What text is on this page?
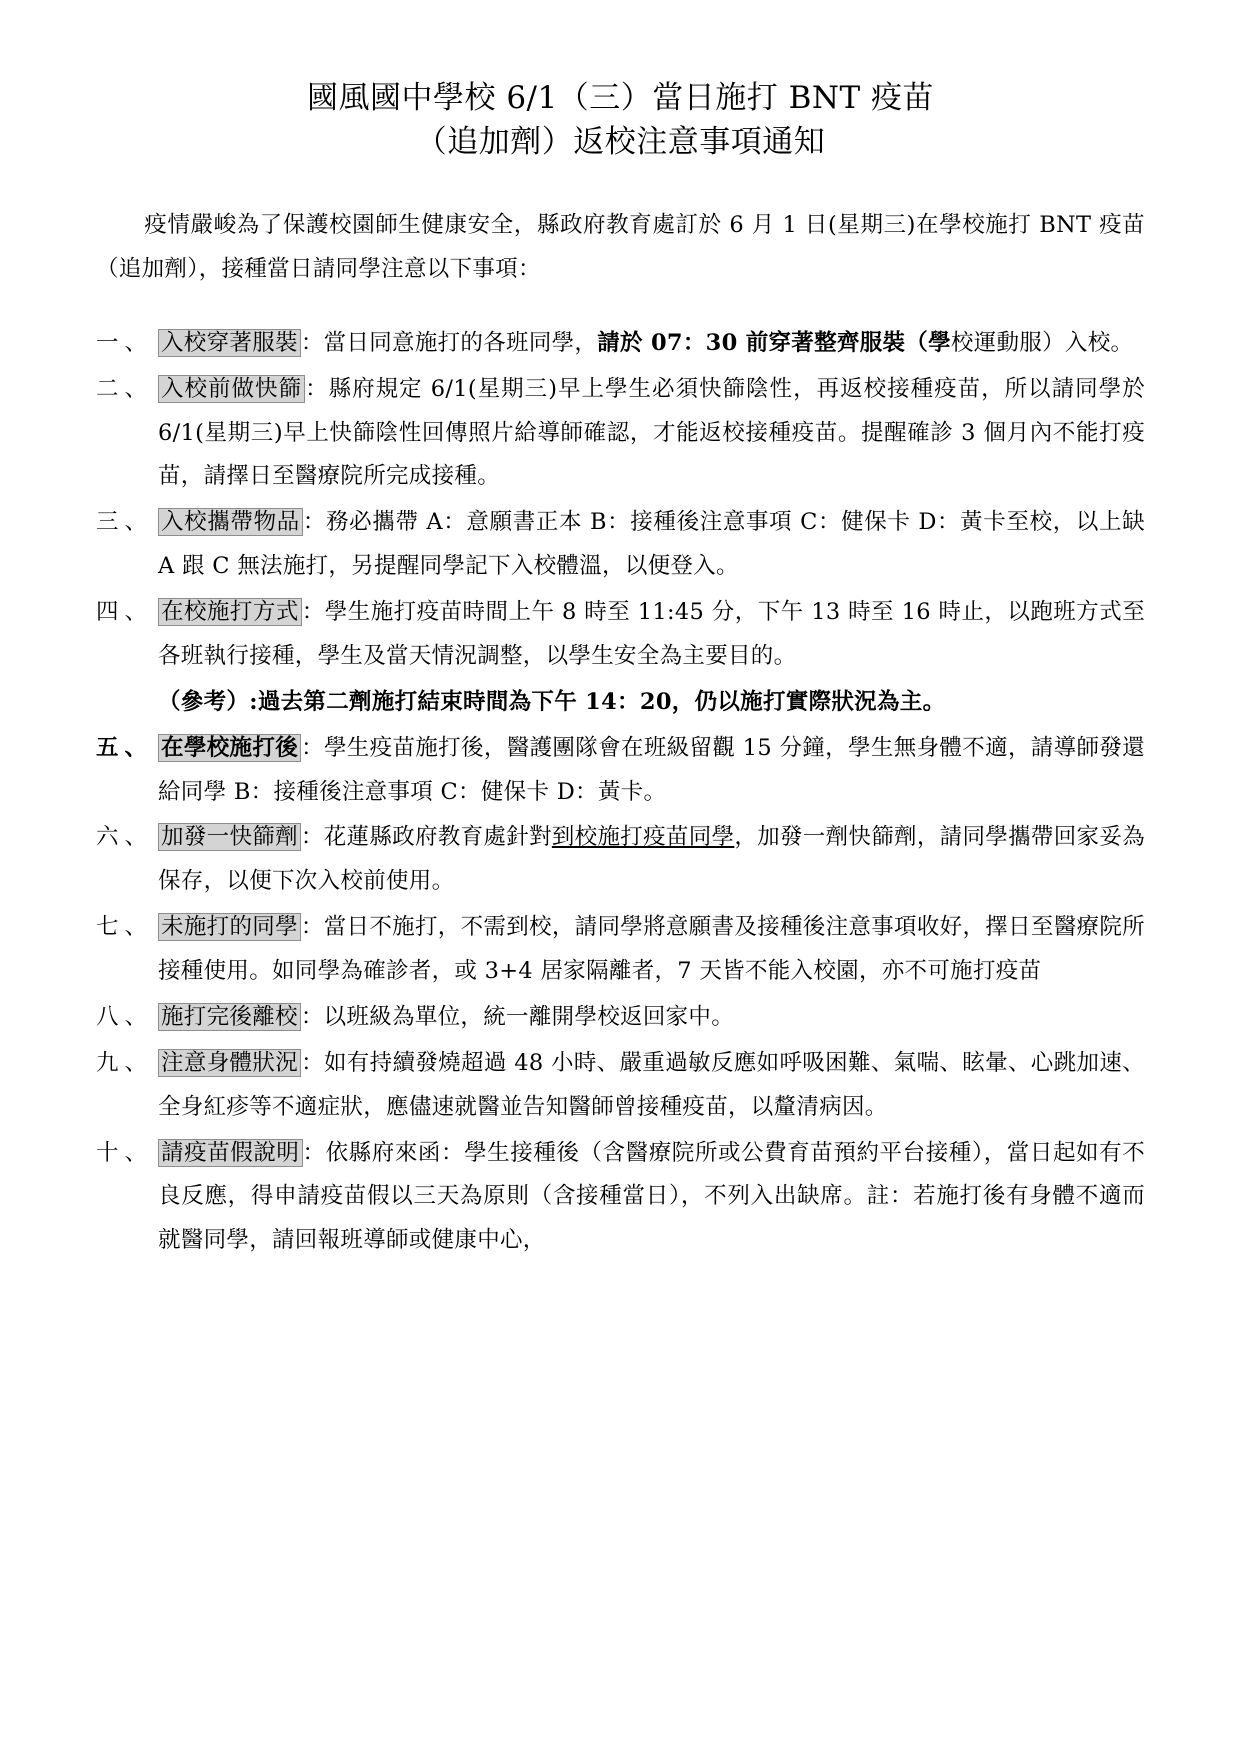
國風國中學校 6/1（三）當日施打 BNT 疫苗
（追加劑）返校注意事項通知

疫情嚴峻為了保護校園師生健康安全，縣政府教育處訂於 6 月 1 日(星期三)在學校施打 BNT 疫苗（追加劑），接種當日請同學注意以下事項：

一、 入校穿著服裝 ：當日同意施打的各班同學，請於 07：30 前穿著整齊服裝（學校運動服）入校。
二、 入校前做快篩 ：縣府規定 6/1(星期三)早上學生必須快篩陰性，再返校接種疫苗，所以請同學於 6/1(星期三)早上快篩陰性回傳照片給導師確認，才能返校接種疫苗。提醒確診 3 個月內不能打疫苗，請擇日至醫療院所完成接種。
三、 入校攜帶物品 ：務必攜帶 A：意願書正本 B：接種後注意事項 C：健保卡 D：黃卡至校，以上缺 A 跟 C 無法施打，另提醒同學記下入校體溫，以便登入。
四、 在校施打方式 ：學生施打疫苗時間上午 8 時至 11:45 分，下午 13 時至 16 時止，以跑班方式至各班執行接種，學生及當天情況調整，以學生安全為主要目的。

（參考）:過去第二劑施打結束時間為下午 14：20，仍以施打實際狀況為主。

五、 在學校施打後 ：學生疫苗施打後，醫護團隊會在班級留觀 15 分鐘，學生無身體不適，請導師發還給同學 B：接種後注意事項 C：健保卡 D：黃卡。
六、 加發一快篩劑 ：花蓮縣政府教育處針對到校施打疫苗同學，加發一劑快篩劑，請同學攜帶回家妥為保存，以便下次入校前使用。
七、 未施打的同學 ：當日不施打，不需到校，請同學將意願書及接種後注意事項收好，擇日至醫療院所接種使用。如同學為確診者，或 3+4 居家隔離者，7 天皆不能入校園，亦不可施打疫苗
八、 施打完後離校 ：以班級為單位，統一離開學校返回家中。
九、 注意身體狀況 ：如有持續發燒超過 48 小時、嚴重過敏反應如呼吸困難、氣喘、眩暈、心跳加速、全身紅疹等不適症狀，應儘速就醫並告知醫師曾接種疫苗，以釐清病因。
十、 請疫苗假說明 ：依縣府來函：學生接種後（含醫療院所或公費育苗預約平台接種），當日起如有不良反應，得申請疫苗假以三天為原則（含接種當日），不列入出缺席。註：若施打後有身體不適而就醫同學，請回報班導師或健康中心，
